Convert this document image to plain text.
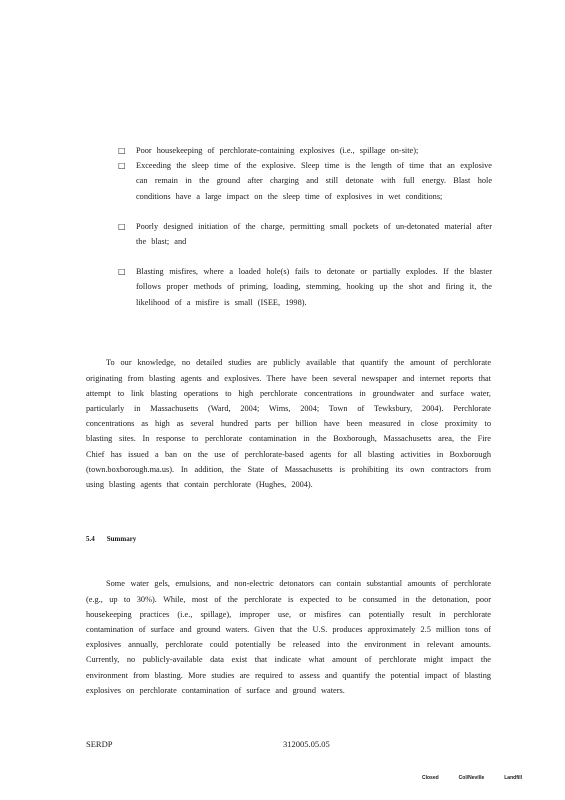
□	Poor housekeeping of perchlorate-containing explosives (i.e., spillage on-site);
□	Exceeding the sleep time of the explosive. Sleep time is the length of time that an explosive can remain in the ground after charging and still detonate with full energy. Blast hole conditions have a large impact on the sleep time of explosives in wet conditions;
□	Poorly designed initiation of the charge, permitting small pockets of un-detonated material after the blast; and
□	Blasting misfires, where a loaded hole(s) fails to detonate or partially explodes. If the blaster follows proper methods of priming, loading, stemming, hooking up the shot and firing it, the likelihood of a misfire is small (ISEE, 1998).

To our knowledge, no detailed studies are publicly available that quantify the amount of perchlorate originating from blasting agents and explosives. There have been several newspaper and internet reports that attempt to link blasting operations to high perchlorate concentrations in groundwater and surface water, particularly in Massachusetts (Ward, 2004; Wims, 2004; Town of Tewksbury, 2004). Perchlorate concentrations as high as several hundred parts per billion have been measured in close proximity to blasting sites. In response to perchlorate contamination in the Boxborough, Massachusetts area, the Fire Chief has issued a ban on the use of perchlorate-based agents for all blasting activities in Boxborough (town.boxborough.ma.us). In addition, the State of Massachusetts is prohibiting its own contractors from using blasting agents that contain perchlorate (Hughes, 2004).

5.4 Summary

Some water gels, emulsions, and non-electric detonators can contain substantial amounts of perchlorate (e.g., up to 30%). While, most of the perchlorate is expected to be consumed in the detonation, poor housekeeping practices (i.e., spillage), improper use, or misfires can potentially result in perchlorate contamination of surface and ground waters. Given that the U.S. produces approximately 2.5 million tons of explosives annually, perchlorate could potentially be released into the environment in relevant amounts. Currently, no publicly-available data exist that indicate what amount of perchlorate might impact the environment from blasting. More studies are required to assess and quantify the potential impact of blasting explosives on perchlorate contamination of surface and ground waters.

SERDP	312005.05.05
Closed	Col/Neville	Landfill
